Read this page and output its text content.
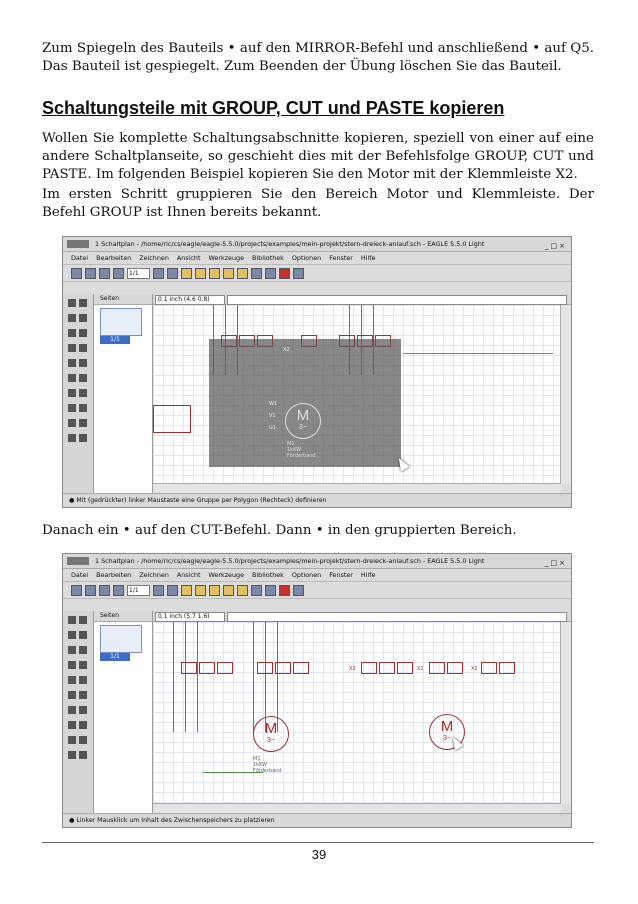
Zum Spiegeln des Bauteils • auf den MIRROR-Befehl und anschließend • auf Q5. Das Bauteil ist gespiegelt. Zum Beenden der Übung löschen Sie das Bauteil.
Schaltungsteile mit GROUP, CUT und PASTE kopieren
Wollen Sie komplette Schaltungsabschnitte kopieren, speziell von einer auf eine andere Schaltplanseite, so geschieht dies mit der Befehlsfolge GROUP, CUT und PASTE. Im folgenden Beispiel kopieren Sie den Motor mit der Klemmleiste X2.
Im ersten Schritt gruppieren Sie den Bereich Motor und Klemmleiste. Der Befehl GROUP ist Ihnen bereits bekannt.
1 Schaltplan - /home/ric/cs/eagle/eagle-5.5.0/projects/examples/mein-projekt/stern-dreieck-anlauf.sch - EAGLE 5.5.0 Light	_□×
Datei Bearbeiten Zeichnen Ansicht Werkzeuge Bibliothek Optionen Fenster Hilfe
1/1
Seiten
1/1
0.1 inch (4.6 0.8)
X2
W1
V1
U1
M
3~
M1
1kKW
Förderband
● Mit (gedrückter) linker Maustaste eine Gruppe per Polygon (Rechteck) definieren
Danach ein • auf den CUT-Befehl. Dann • in den gruppierten Bereich.
1 Schaltplan - /home/ric/cs/eagle/eagle-5.5.0/projects/examples/mein-projekt/stern-dreieck-anlauf.sch - EAGLE 5.5.0 Light	_□×
Datei Bearbeiten Zeichnen Ansicht Werkzeuge Bibliothek Optionen Fenster Hilfe
1/1
Seiten
1/1
0.1 inch (5.7 1.6)
X2	X2	X2
M
3~
M1
1kKW
Förderband
M
3~
● Linker Mausklick um Inhalt des Zwischenspeichers zu platzieren
39
